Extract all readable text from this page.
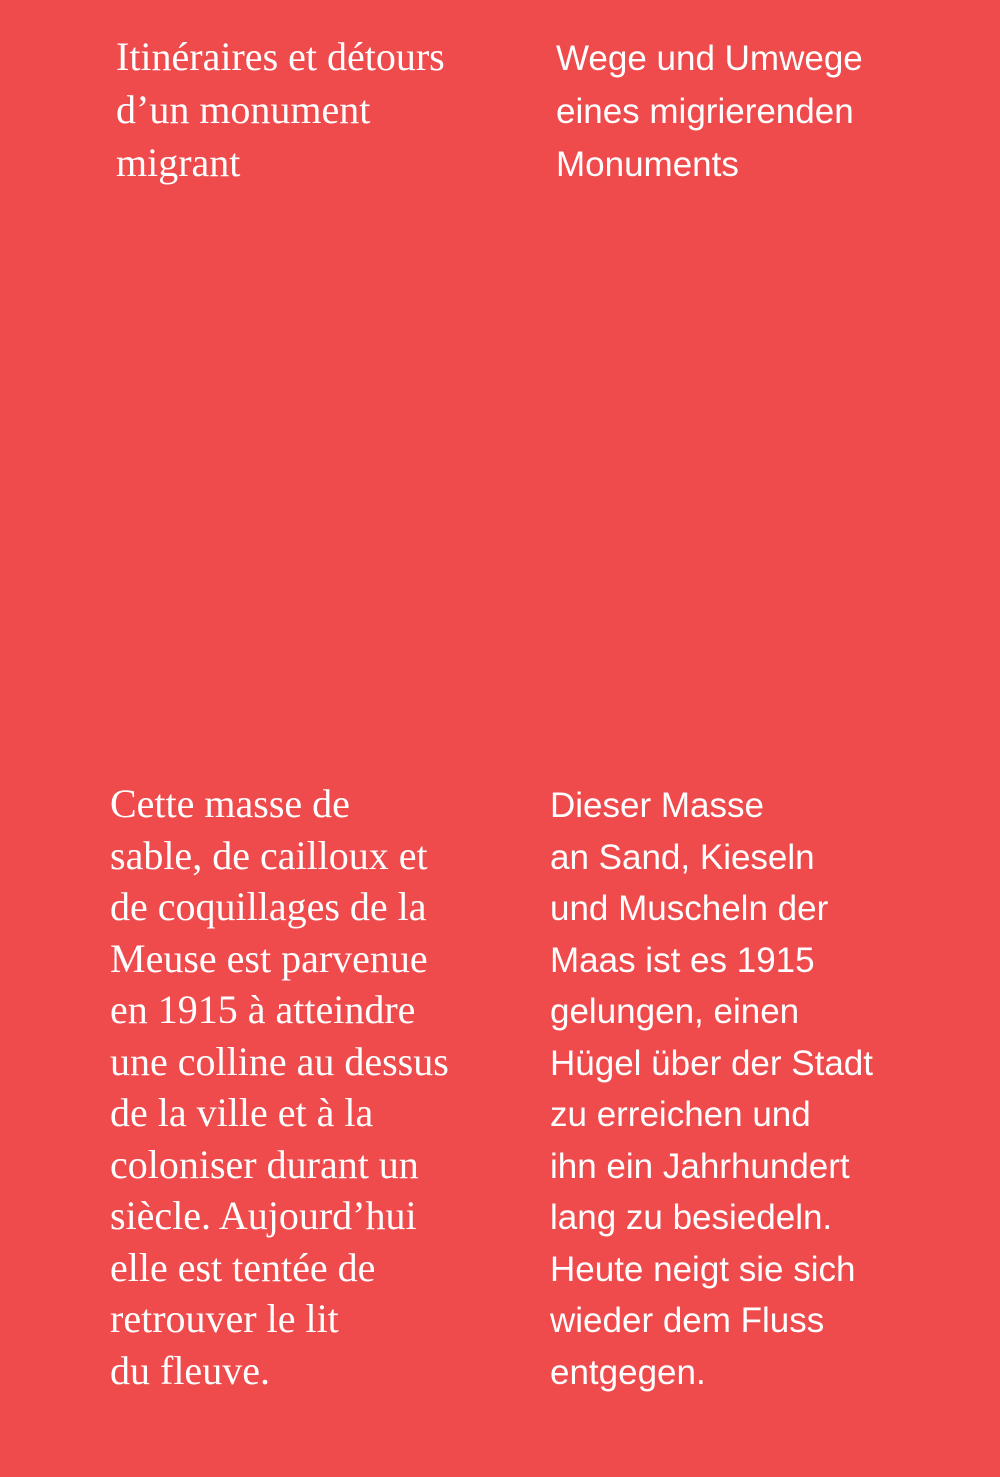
Itinéraires et détours
d’un monument
migrant
Wege und Umwege
eines migrierenden
Monuments
Cette masse de
sable, de cailloux et
de coquillages de la
Meuse est parvenue
en 1915 à atteindre
une colline au dessus
de la ville et à la
coloniser durant un
siècle. Aujourd’hui
elle est tentée de
retrouver le lit
du fleuve.
Dieser Masse
an Sand, Kieseln
und Muscheln der
Maas ist es 1915
gelungen, einen
Hügel über der Stadt
zu erreichen und
ihn ein Jahrhundert
lang zu besiedeln.
Heute neigt sie sich
wieder dem Fluss
entgegen.
